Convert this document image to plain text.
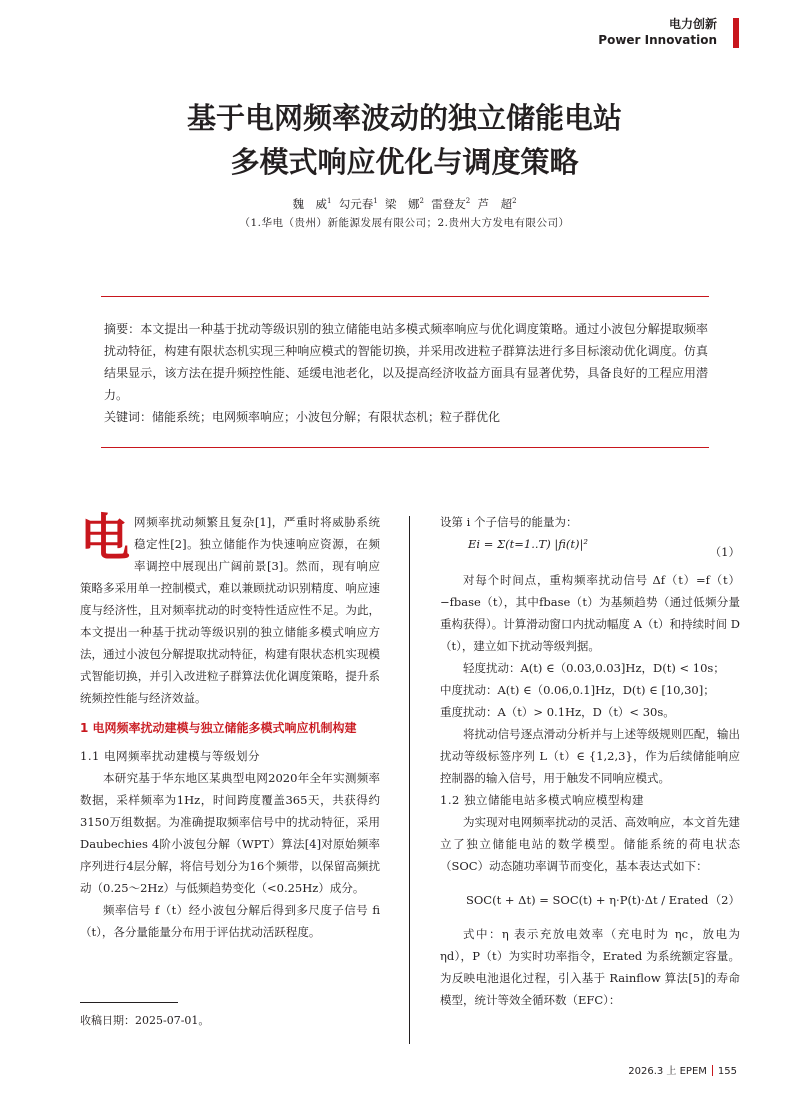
电力创新
Power Innovation
基于电网频率波动的独立储能电站
多模式响应优化与调度策略
魏　威$^1$ 勾元春$^1$ 梁　娜$^2$ 雷登友$^2$ 芦　超$^2$
（1.华电（贵州）新能源发展有限公司；2.贵州大方发电有限公司）
摘要：本文提出一种基于扰动等级识别的独立储能电站多模式频率响应与优化调度策略。通过小波包分解提取频率扰动特征，构建有限状态机实现三种响应模式的智能切换，并采用改进粒子群算法进行多目标滚动优化调度。仿真结果显示，该方法在提升频控性能、延缓电池老化，以及提高经济收益方面具有显著优势，具备良好的工程应用潜力。
关键词：储能系统；电网频率响应；小波包分解；有限状态机；粒子群优化
电 网频率扰动频繁且复杂[1]，严重时将威胁系统稳定性[2]。独立储能作为快速响应资源，在频率调控中展现出广阔前景[3]。然而，现有响应策略多采用单一控制模式，难以兼顾扰动识别精度、响应速度与经济性，且对频率扰动的时变特性适应性不足。为此，本文提出一种基于扰动等级识别的独立储能多模式响应方法，通过小波包分解提取扰动特征，构建有限状态机实现模式智能切换，并引入改进粒子群算法优化调度策略，提升系统频控性能与经济效益。

1 电网频率扰动建模与独立储能多模式响应机制构建
1.1 电网频率扰动建模与等级划分

本研究基于华东地区某典型电网2020年全年实测频率数据，采样频率为1Hz，时间跨度覆盖365天，共获得约3150万组数据。为准确提取频率信号中的扰动特征，采用Daubechies 4阶小波包分解（WPT）算法[4]对原始频率序列进行4层分解，将信号划分为16个频带，以保留高频扰动（0.25～2Hz）与低频趋势变化（<0.25Hz）成分。

频率信号 f（t）经小波包分解后得到多尺度子信号 fi（t），各分量能量分布用于评估扰动活跃程度。

设第 i 个子信号的能量为：

Ei = Σ(t=1..T) |fi(t)|²
（1）

对每个时间点，重构频率扰动信号 Δf（t）=f（t）−fbase（t），其中fbase（t）为基频趋势（通过低频分量重构获得）。计算滑动窗口内扰动幅度 A（t）和持续时间 D（t），建立如下扰动等级判据。

轻度扰动：A(t) ∈（0.03,0.03]Hz，D(t) < 10s；

中度扰动：A(t) ∈（0.06,0.1]Hz，D(t) ∈ [10,30]；

重度扰动：A（t）> 0.1Hz，D（t）< 30s。

将扰动信号逐点滑动分析并与上述等级规则匹配，输出扰动等级标签序列 L（t）∈ {1,2,3}，作为后续储能响应控制器的输入信号，用于触发不同响应模式。

1.2 独立储能电站多模式响应模型构建

为实现对电网频率扰动的灵活、高效响应，本文首先建立了独立储能电站的数学模型。储能系统的荷电状态（SOC）动态随功率调节而变化，基本表达式如下：

SOC(t + Δt) = SOC(t) + η·P(t)·Δt / Erated （2）

式中：η 表示充放电效率（充电时为 ηc，放电为 ηd），P（t）为实时功率指令，Erated 为系统额定容量。为反映电池退化过程，引入基于 Rainflow 算法[5]的寿命模型，统计等效全循环数（EFC）：

收稿日期：2025-07-01。
2026.3 上 EPEM 155
